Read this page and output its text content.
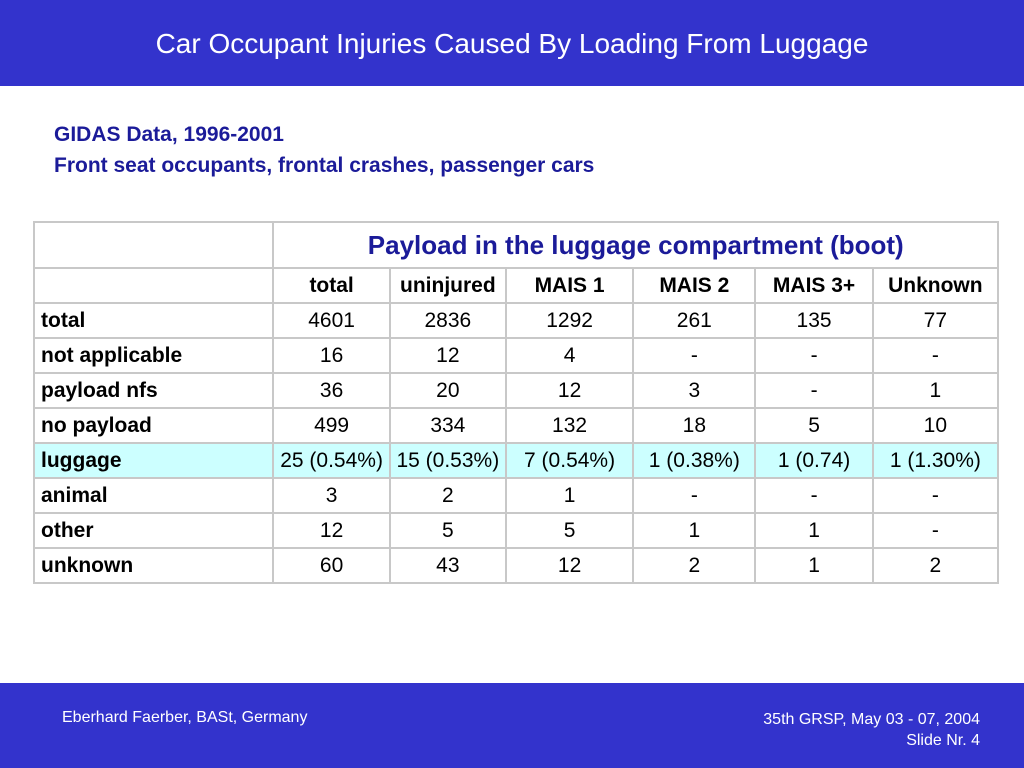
Car Occupant Injuries Caused By Loading From Luggage
GIDAS Data, 1996-2001
Front seat occupants, frontal crashes, passenger cars
	Payload in the luggage compartment (boot)					
	total	uninjured	MAIS 1	MAIS 2	MAIS 3+	Unknown
total	4601	2836	1292	261	135	77
not applicable	16	12	4	-	-	-
payload nfs	36	20	12	3	-	1
no payload	499	334	132	18	5	10
luggage	25 (0.54%)	15 (0.53%)	7 (0.54%)	1 (0.38%)	1 (0.74)	1 (1.30%)
animal	3	2	1	-	-	-
other	12	5	5	1	1	-
unknown	60	43	12	2	1	2
Eberhard Faerber, BASt, Germany	35th GRSP, May 03 - 07, 2004
Slide Nr. 4
